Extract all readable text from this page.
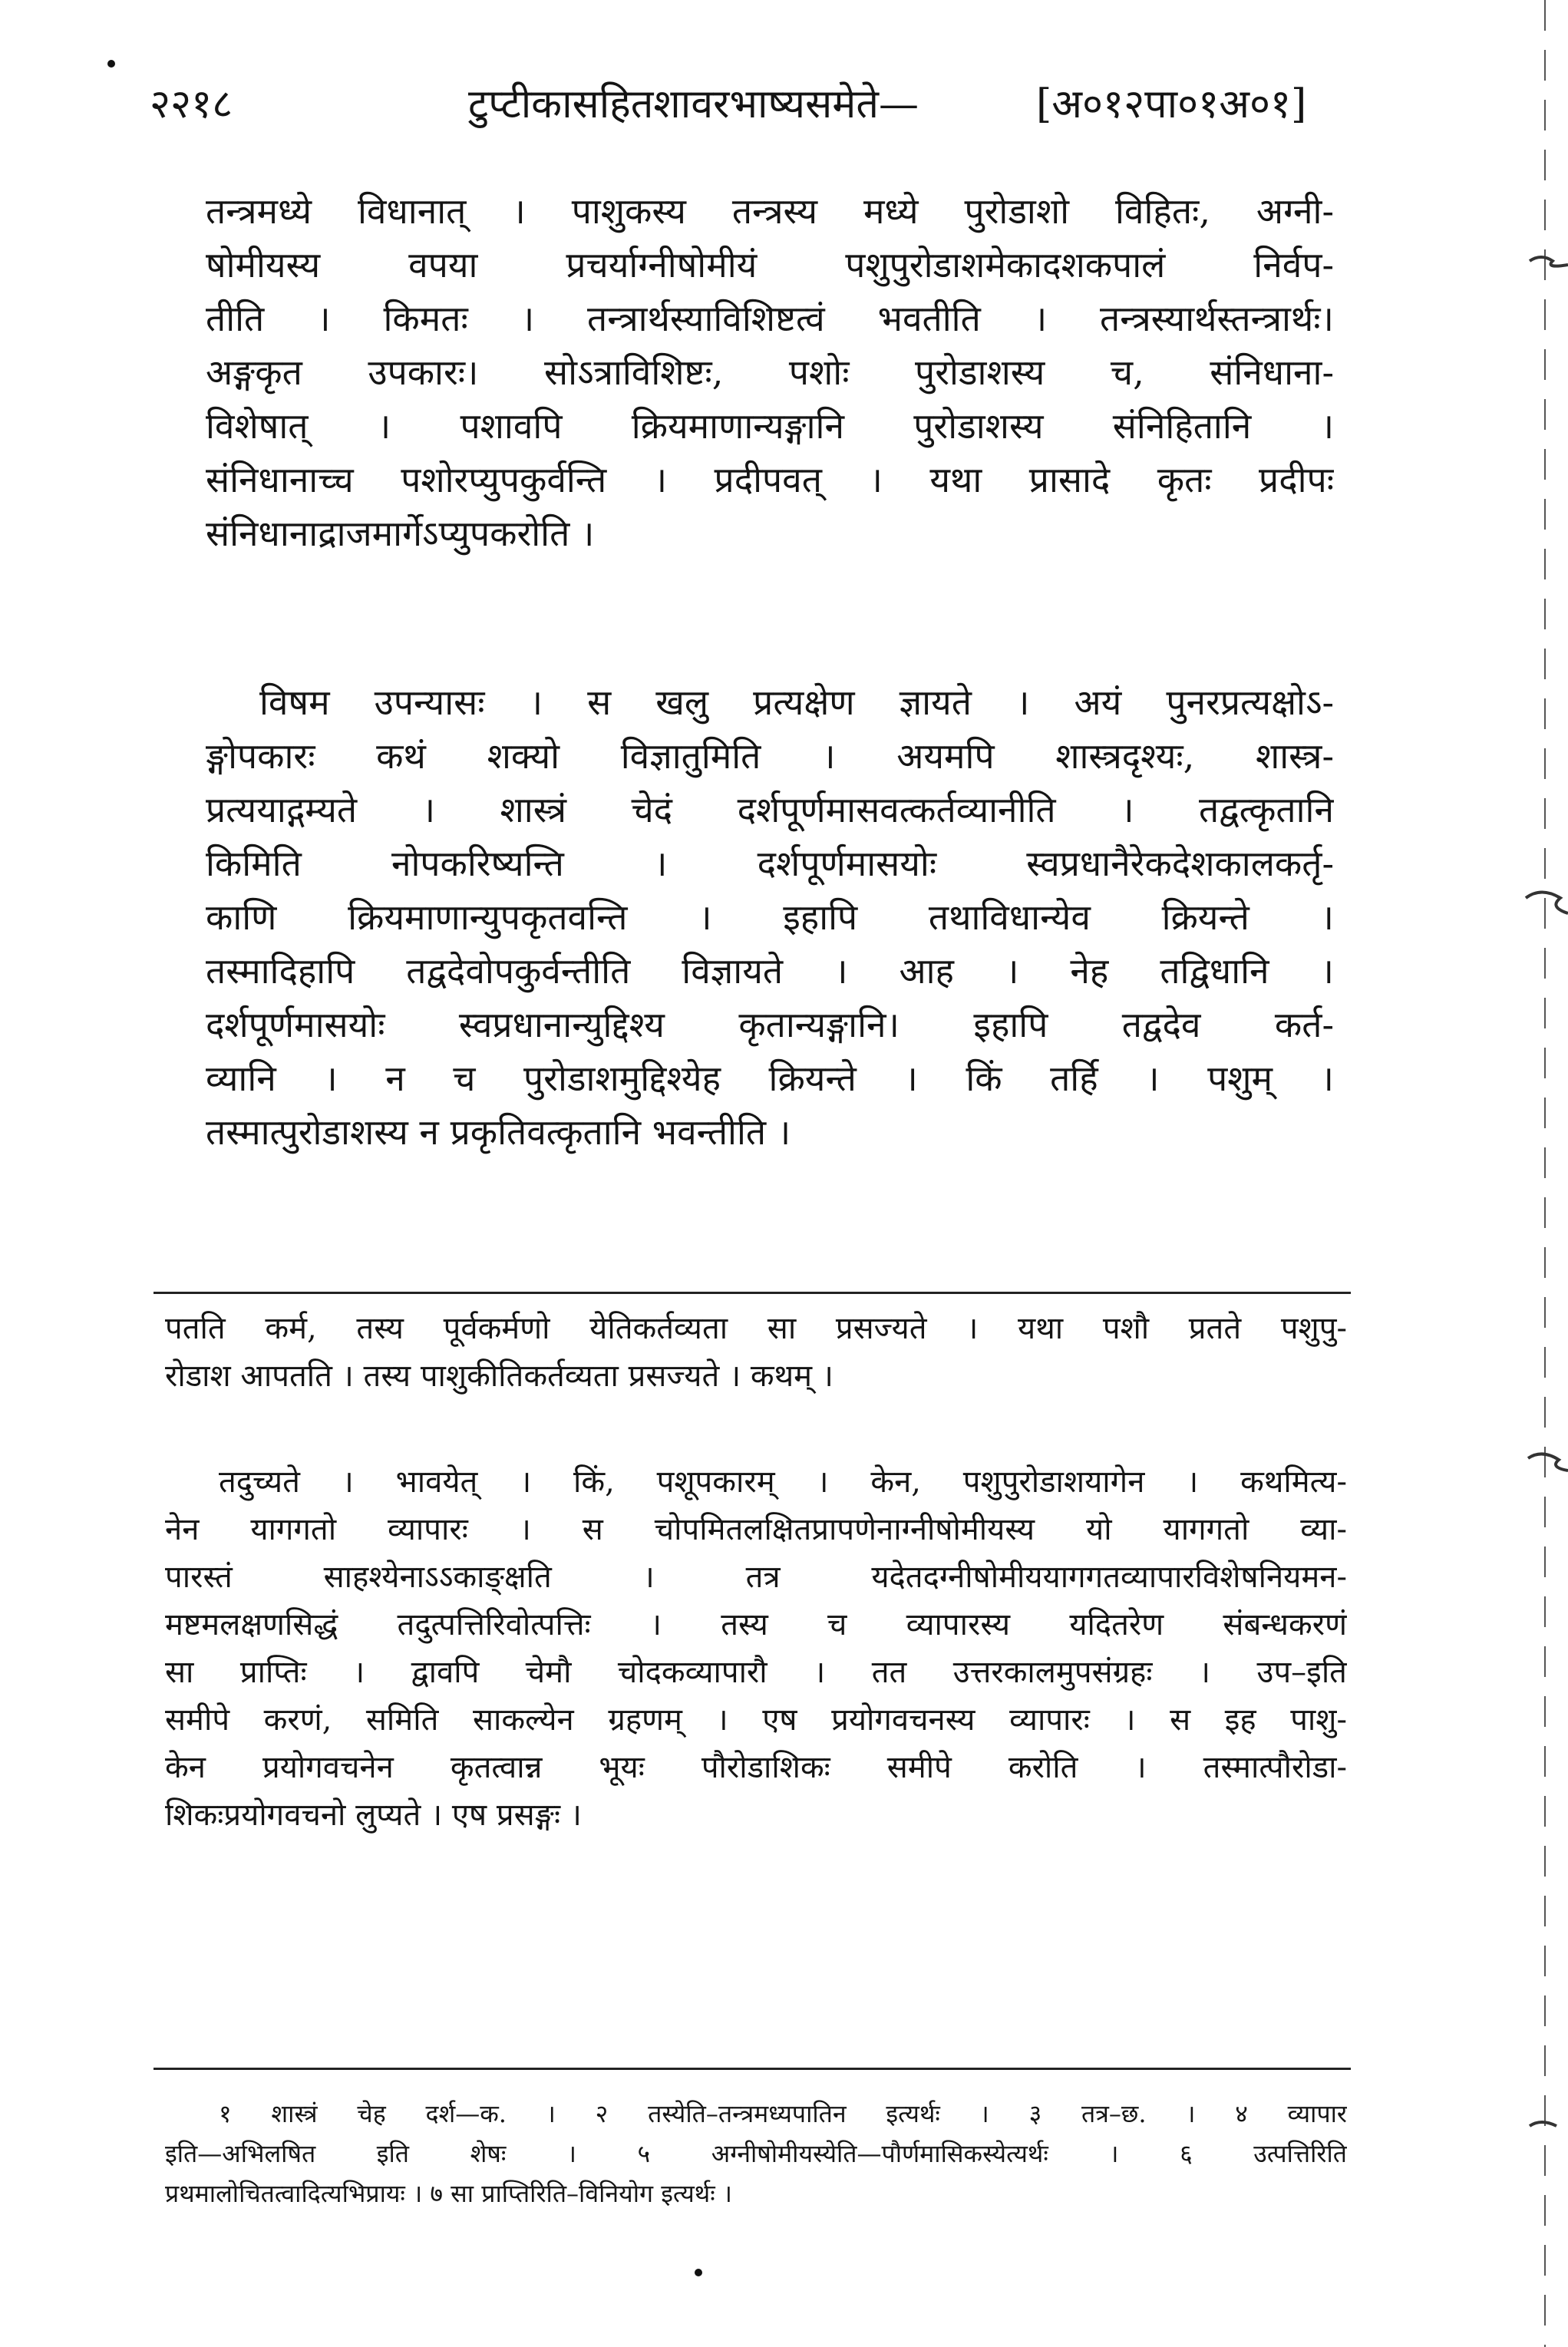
२२१८	टुप्टीकासहितशावरभाष्यसमेते—	[अ०१२पा०१अ०१]
तन्त्रमध्ये विधानात् । पाशुकस्य तन्त्रस्य मध्ये पुरोडाशो विहितः, अग्नी-
षोमीयस्य वपया प्रचर्याग्नीषोमीयं पशुपुरोडाशमेकादशकपालं निर्वप-
तीति । किमतः । तन्त्रार्थस्याविशिष्टत्वं भवतीति । तन्त्रस्यार्थस्तन्त्रार्थः।
अङ्गकृत उपकारः। सोऽत्राविशिष्टः, पशोः पुरोडाशस्य च, संनिधाना-
विशेषात् । पशावपि क्रियमाणान्यङ्गानि पुरोडाशस्य संनिहितानि ।
संनिधानाच्च पशोरप्युपकुर्वन्ति । प्रदीपवत् । यथा प्रासादे कृतः प्रदीपः
संनिधानाद्राजमार्गेऽप्युपकरोति ।
विषम उपन्यासः । स खलु प्रत्यक्षेण ज्ञायते । अयं पुनरप्रत्यक्षोऽ-
ङ्गोपकारः कथं शक्यो विज्ञातुमिति । अयमपि शास्त्रदृश्यः, शास्त्र-
प्रत्ययाद्गम्यते । शास्त्रं चेदं दर्शपूर्णमासवत्कर्तव्यानीति । तद्वत्कृतानि
किमिति नोपकरिष्यन्ति । दर्शपूर्णमासयोः स्वप्रधानैरेकदेशकालकर्तृ-
काणि क्रियमाणान्युपकृतवन्ति । इहापि तथाविधान्येव क्रियन्ते ।
तस्मादिहापि तद्वदेवोपकुर्वन्तीति विज्ञायते । आह । नेह तद्विधानि ।
दर्शपूर्णमासयोः स्वप्रधानान्युद्दिश्य कृतान्यङ्गानि। इहापि तद्वदेव कर्त-
व्यानि । न च पुरोडाशमुद्दिश्येह क्रियन्ते । किं तर्हि । पशुम् ।
तस्मात्पुरोडाशस्य न प्रकृतिवत्कृतानि भवन्तीति ।
पतति कर्म, तस्य पूर्वकर्मणो येतिकर्तव्यता सा प्रसज्यते । यथा पशौ प्रतते पशुपु-
रोडाश आपतति । तस्य पाशुकीतिकर्तव्यता प्रसज्यते । कथम् ।
तदुच्यते । भावयेत् । किं, पशूपकारम् । केन, पशुपुरोडाशयागेन । कथमित्य-
नेन यागगतो व्यापारः । स चोपमितलक्षितप्रापणेनाग्नीषोमीयस्य यो यागगतो व्या-
पारस्तं साहश्येनाऽऽकाङ्क्षति । तत्र यदेतदग्नीषोमीययागगतव्यापारविशेषनियमन-
मष्टमलक्षणसिद्धं तदुत्पत्तिरिवोत्पत्तिः । तस्य च व्यापारस्य यदितरेण संबन्धकरणं
सा प्राप्तिः । द्वावपि चेमौ चोदकव्यापारौ । तत उत्तरकालमुपसंग्रहः । उप–इति
समीपे करणं, समिति साकल्येन ग्रहणम् । एष प्रयोगवचनस्य व्यापारः । स इह पाशु-
केन प्रयोगवचनेन कृतत्वान्न भूयः पौरोडाशिकः समीपे करोति । तस्मात्पौरोडा-
शिकःप्रयोगवचनो लुप्यते । एष प्रसङ्गः ।
१ शास्त्रं चेह दर्श—क. । २ तस्येति–तन्त्रमध्यपातिन इत्यर्थः । ३ तत्र–छ. । ४ व्यापार
इति—अभिलषित इति शेषः । ५ अग्नीषोमीयस्येति—पौर्णमासिकस्येत्यर्थः । ६ उत्पत्तिरिति
प्रथमालोचितत्वादित्यभिप्रायः । ७ सा प्राप्तिरिति–विनियोग इत्यर्थः ।
